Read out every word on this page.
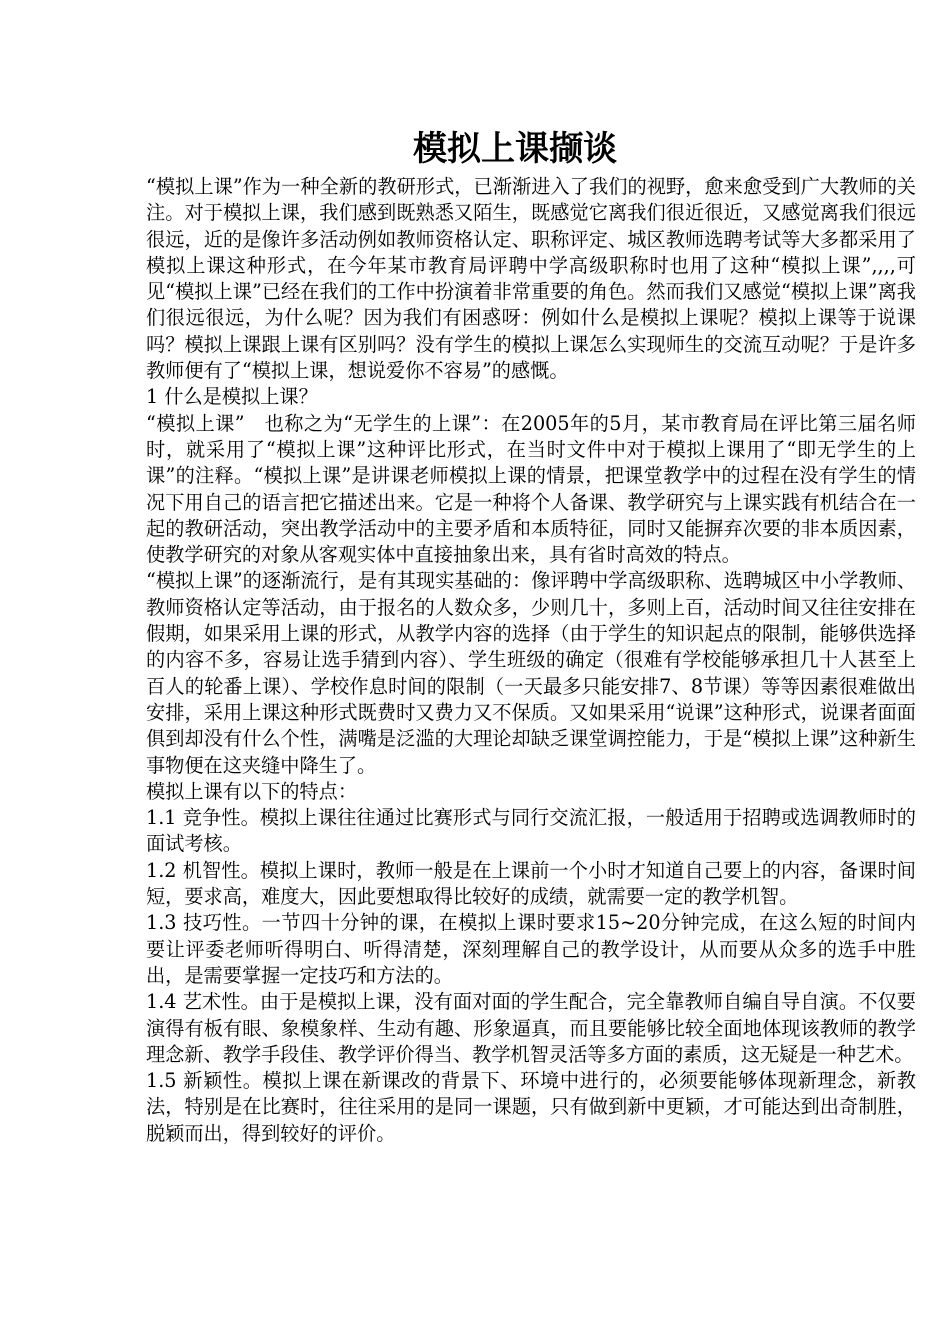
模拟上课撷谈

“模拟上课”作为一种全新的教研形式，已渐渐进入了我们的视野，愈来愈受到广大教师的关注。对于模拟上课，我们感到既熟悉又陌生，既感觉它离我们很近很近，又感觉离我们很远很远，近的是像许多活动例如教师资格认定、职称评定、城区教师选聘考试等大多都采用了模拟上课这种形式，在今年某市教育局评聘中学高级职称时也用了这种“模拟上课”,,,,可见“模拟上课”已经在我们的工作中扮演着非常重要的角色。然而我们又感觉“模拟上课”离我们很远很远，为什么呢？因为我们有困惑呀：例如什么是模拟上课呢？模拟上课等于说课吗？模拟上课跟上课有区别吗？没有学生的模拟上课怎么实现师生的交流互动呢？于是许多教师便有了“模拟上课，想说爱你不容易”的感慨。

1 什么是模拟上课？

“模拟上课”　也称之为“无学生的上课”：在2005年的5月，某市教育局在评比第三届名师时，就采用了“模拟上课”这种评比形式，在当时文件中对于模拟上课用了“即无学生的上课”的注释。“模拟上课”是讲课老师模拟上课的情景，把课堂教学中的过程在没有学生的情况下用自己的语言把它描述出来。它是一种将个人备课、教学研究与上课实践有机结合在一起的教研活动，突出教学活动中的主要矛盾和本质特征，同时又能摒弃次要的非本质因素，使教学研究的对象从客观实体中直接抽象出来，具有省时高效的特点。

“模拟上课”的逐渐流行，是有其现实基础的：像评聘中学高级职称、选聘城区中小学教师、教师资格认定等活动，由于报名的人数众多，少则几十，多则上百，活动时间又往往安排在假期，如果采用上课的形式，从教学内容的选择（由于学生的知识起点的限制，能够供选择的内容不多，容易让选手猜到内容）、学生班级的确定（很难有学校能够承担几十人甚至上百人的轮番上课）、学校作息时间的限制（一天最多只能安排7、8节课）等等因素很难做出安排，采用上课这种形式既费时又费力又不保质。又如果采用“说课”这种形式，说课者面面俱到却没有什么个性，满嘴是泛滥的大理论却缺乏课堂调控能力，于是“模拟上课”这种新生事物便在这夹缝中降生了。

模拟上课有以下的特点：

1.1 竞争性。模拟上课往往通过比赛形式与同行交流汇报，一般适用于招聘或选调教师时的面试考核。

1.2 机智性。模拟上课时，教师一般是在上课前一个小时才知道自己要上的内容，备课时间短，要求高，难度大，因此要想取得比较好的成绩，就需要一定的教学机智。

1.3 技巧性。一节四十分钟的课，在模拟上课时要求15~20分钟完成，在这么短的时间内要让评委老师听得明白、听得清楚，深刻理解自己的教学设计，从而要从众多的选手中胜出，是需要掌握一定技巧和方法的。

1.4 艺术性。由于是模拟上课，没有面对面的学生配合，完全靠教师自编自导自演。不仅要演得有板有眼、象模象样、生动有趣、形象逼真，而且要能够比较全面地体现该教师的教学理念新、教学手段佳、教学评价得当、教学机智灵活等多方面的素质，这无疑是一种艺术。

1.5 新颖性。模拟上课在新课改的背景下、环境中进行的，必须要能够体现新理念，新教法，特别是在比赛时，往往采用的是同一课题，只有做到新中更颖，才可能达到出奇制胜，脱颖而出，得到较好的评价。
